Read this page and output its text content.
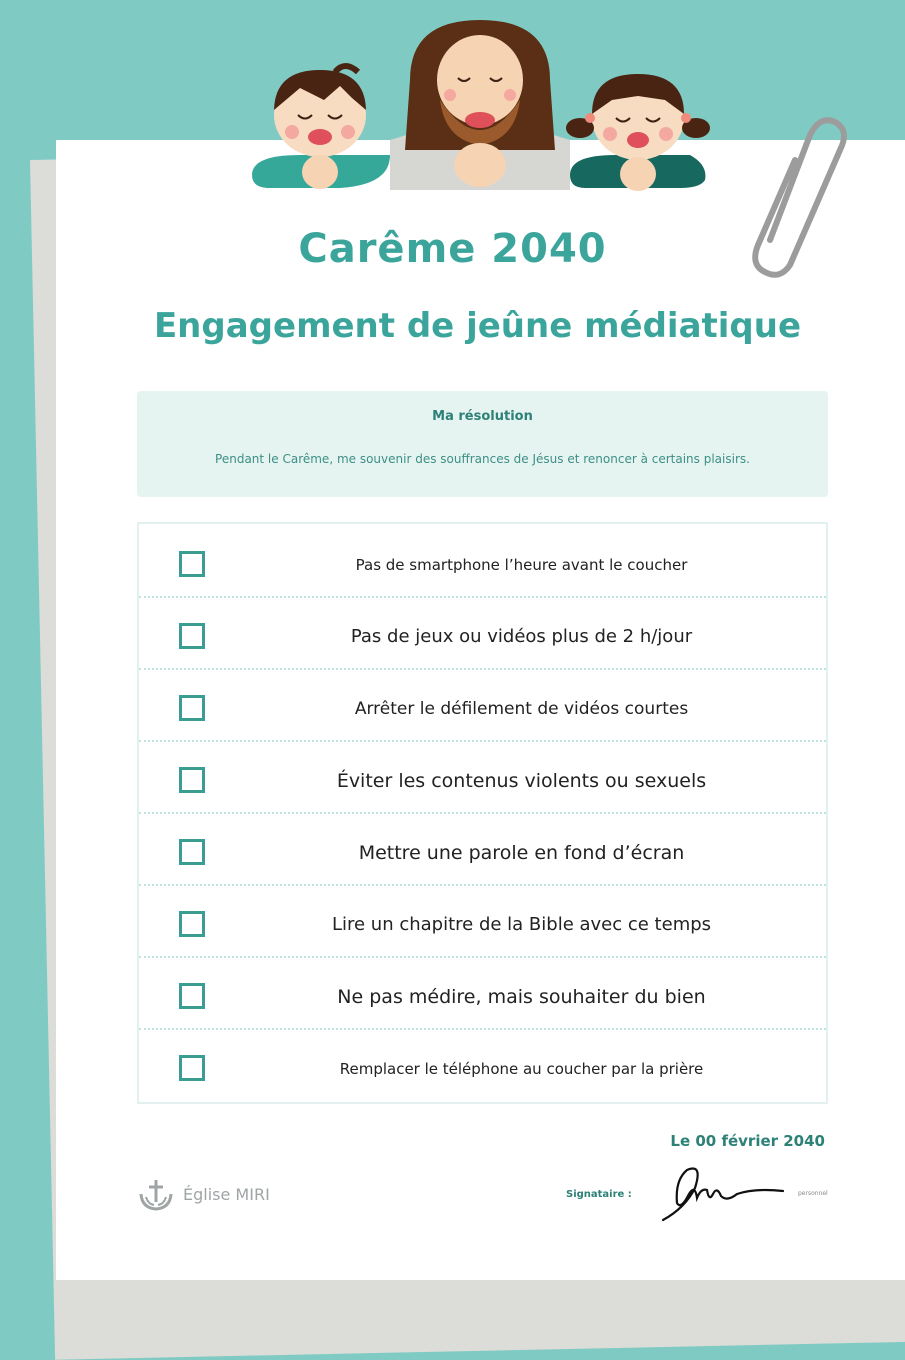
Carême 2040
Engagement de jeûne médiatique
Ma résolution
Pendant le Carême, me souvenir des souffrances de Jésus et renoncer à certains plaisirs.
Pas de smartphone l’heure avant le coucher
Pas de jeux ou vidéos plus de 2 h/jour
Arrêter le défilement de vidéos courtes
Éviter les contenus violents ou sexuels
Mettre une parole en fond d’écran
Lire un chapitre de la Bible avec ce temps
Ne pas médire, mais souhaiter du bien
Remplacer le téléphone au coucher par la prière
Le 00 février 2040
Église MIRI	Signataire :	personnel
